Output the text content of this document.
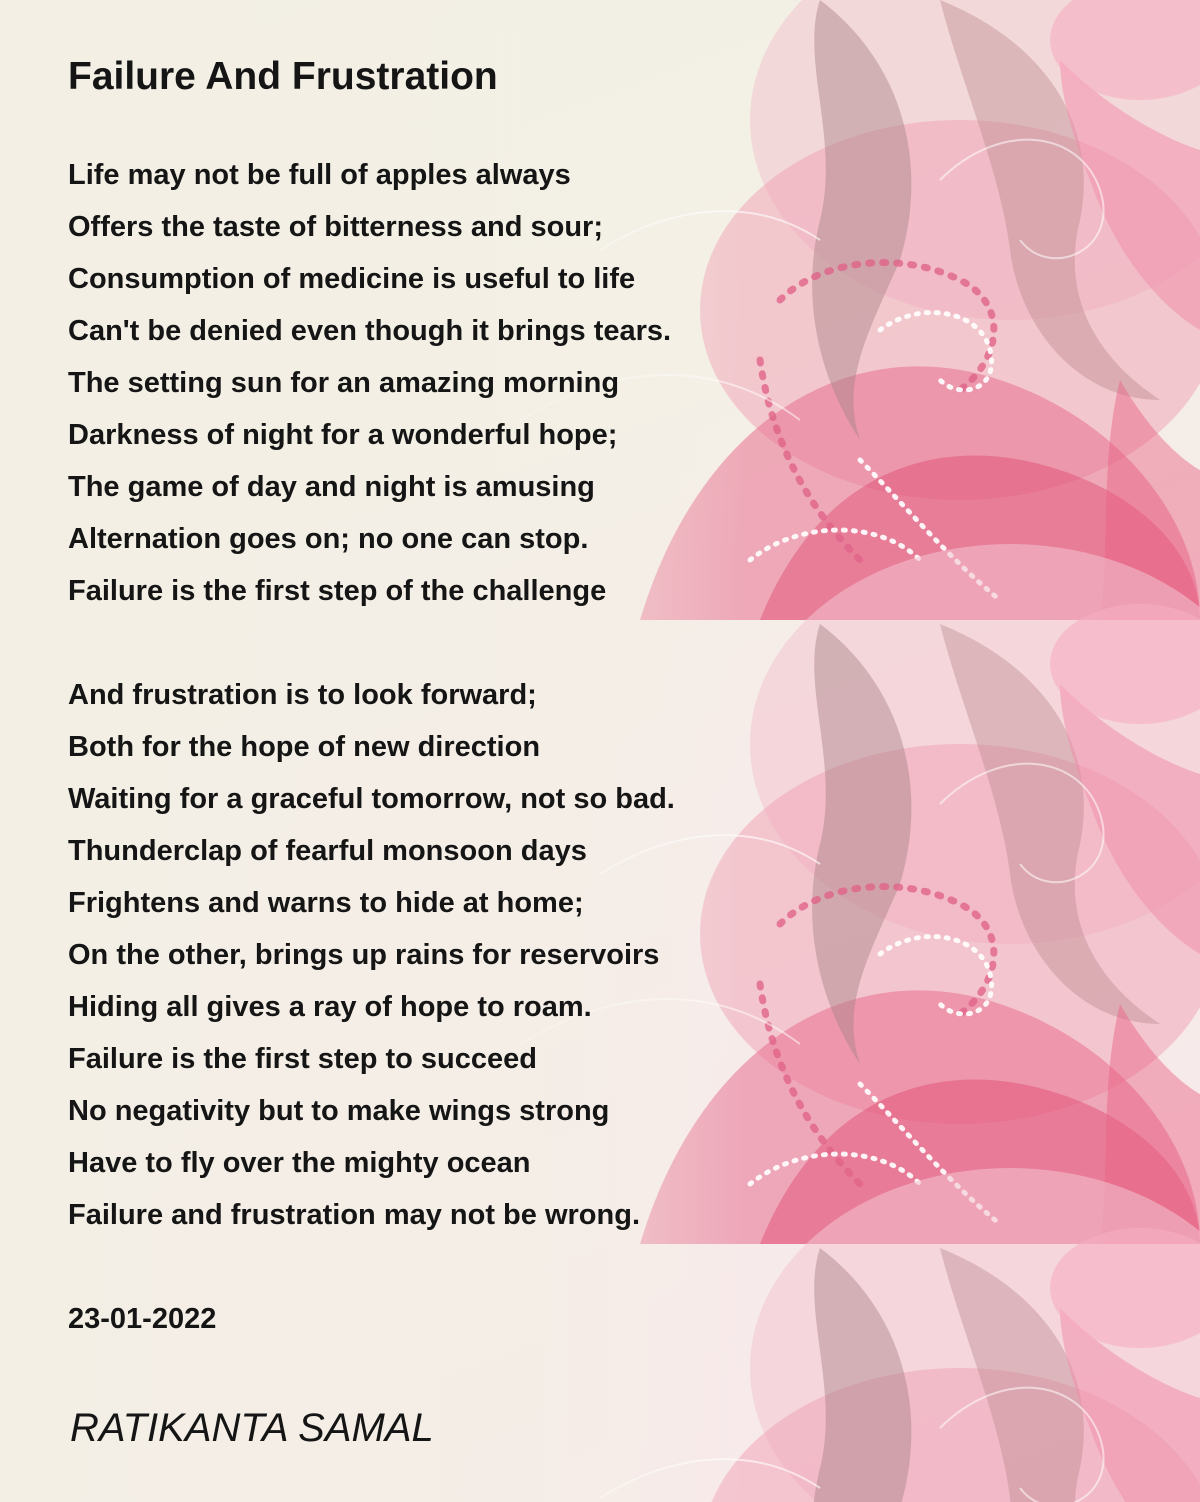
Failure And Frustration
Life may not be full of apples always
Offers the taste of bitterness and sour;
Consumption of medicine is useful to life
Can't be denied even though it brings tears.
The setting sun for an amazing morning
Darkness of night for a wonderful hope;
The game of day and night is amusing
Alternation goes on; no one can stop.
Failure is the first step of the challenge
And frustration is to look forward;
Both for the hope of new direction
Waiting for a graceful tomorrow, not so bad.
Thunderclap of fearful monsoon days
Frightens and warns to hide at home;
On the other, brings up rains for reservoirs
Hiding all gives a ray of hope to roam.
Failure is the first step to succeed
No negativity but to make wings strong
Have to fly over the mighty ocean
Failure and frustration may not be wrong.
23-01-2022
RATIKANTA SAMAL
